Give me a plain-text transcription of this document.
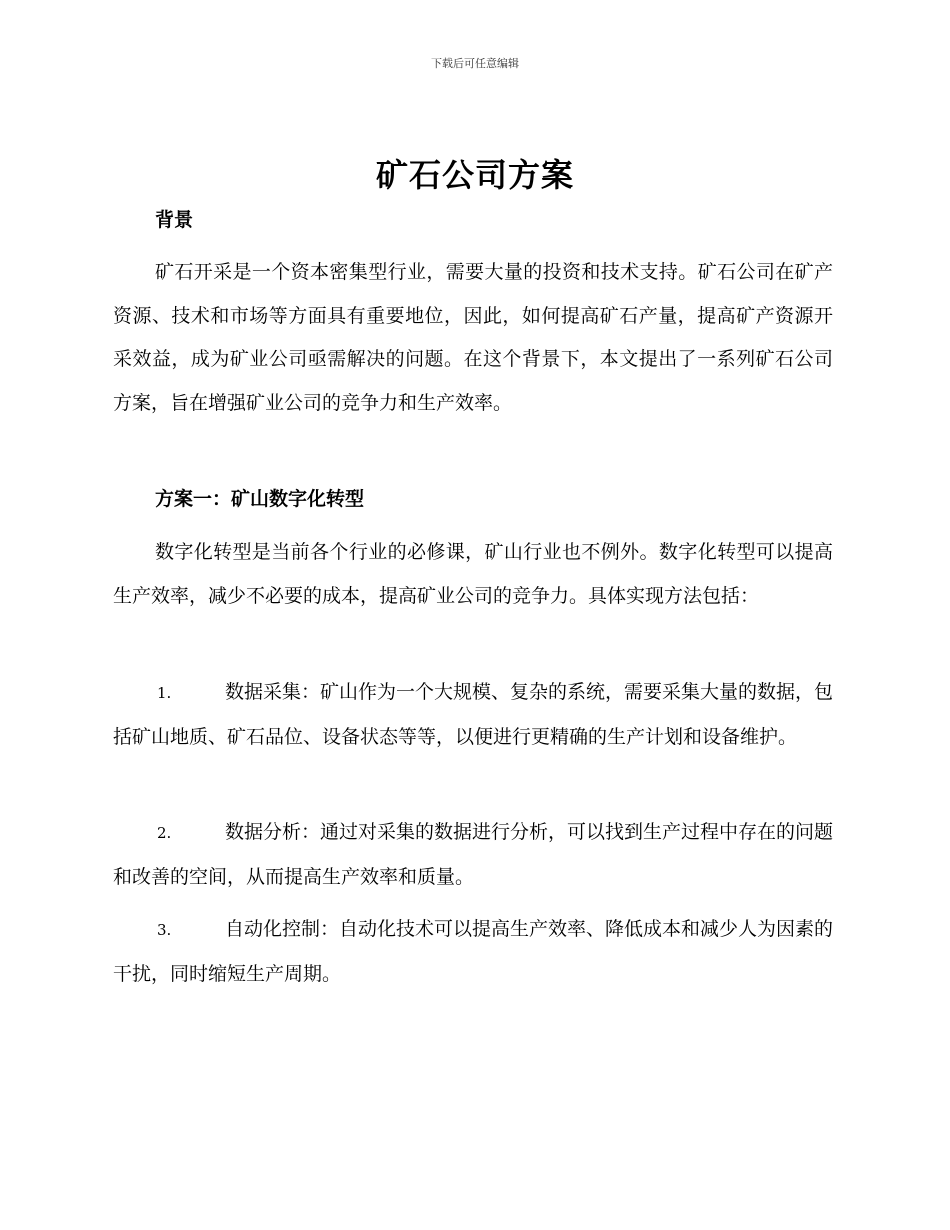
下载后可任意编辑
矿石公司方案
背景

矿石开采是一个资本密集型行业，需要大量的投资和技术支持。矿石公司在矿产资源、技术和市场等方面具有重要地位，因此，如何提高矿石产量，提高矿产资源开采效益，成为矿业公司亟需解决的问题。在这个背景下，本文提出了一系列矿石公司方案，旨在增强矿业公司的竞争力和生产效率。

方案一：矿山数字化转型

数字化转型是当前各个行业的必修课，矿山行业也不例外。数字化转型可以提高生产效率，减少不必要的成本，提高矿业公司的竞争力。具体实现方法包括：

1.	数据采集：矿山作为一个大规模、复杂的系统，需要采集大量的数据，包括矿山地质、矿石品位、设备状态等等，以便进行更精确的生产计划和设备维护。

2.	数据分析：通过对采集的数据进行分析，可以找到生产过程中存在的问题和改善的空间，从而提高生产效率和质量。

3.	自动化控制：自动化技术可以提高生产效率、降低成本和减少人为因素的干扰，同时缩短生产周期。
